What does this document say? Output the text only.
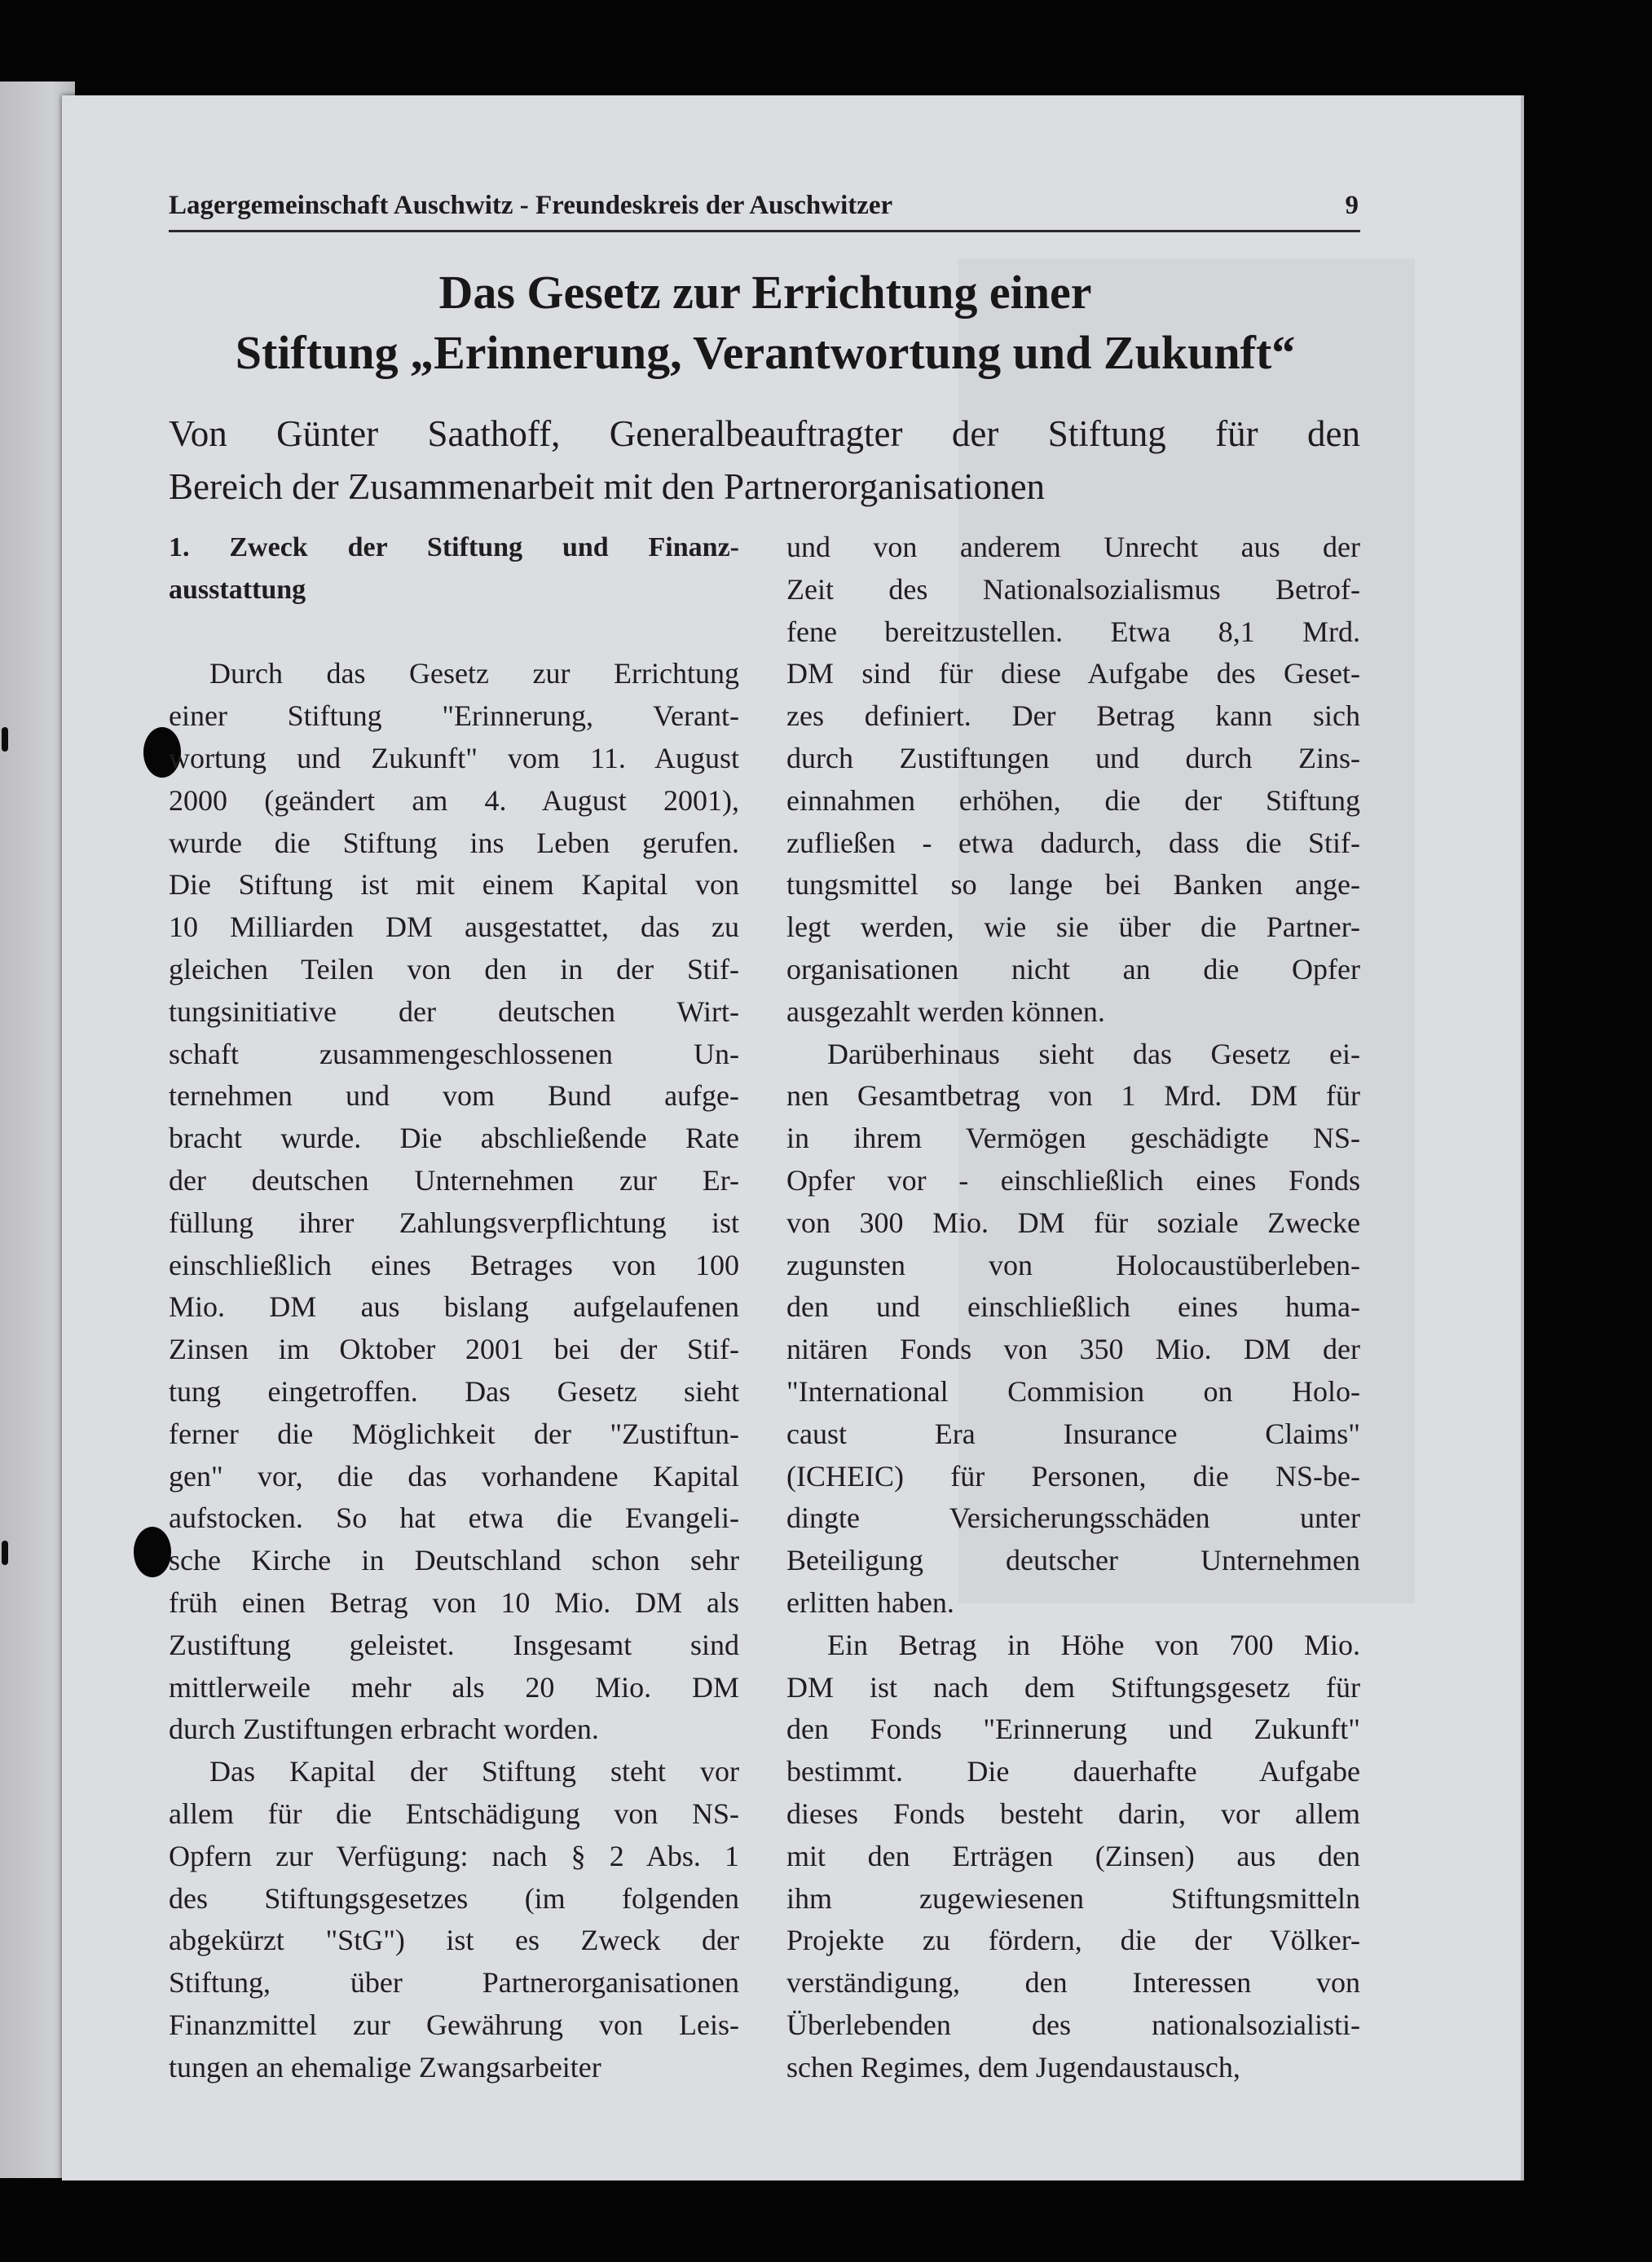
Lagergemeinschaft Auschwitz - Freundeskreis der Auschwitzer	9
Das Gesetz zur Errichtung einer
Stiftung „Erinnerung, Verantwortung und Zukunft“
Von Günter Saathoff, Generalbeauftragter der Stiftung für den
Bereich der Zusammenarbeit mit den Partnerorganisationen
1. Zweck der Stiftung und Finanz-
ausstattung
Durch das Gesetz zur Errichtung
einer Stiftung "Erinnerung, Verant-
wortung und Zukunft" vom 11. August
2000 (geändert am 4. August 2001),
wurde die Stiftung ins Leben gerufen.
Die Stiftung ist mit einem Kapital von
10 Milliarden DM ausgestattet, das zu
gleichen Teilen von den in der Stif-
tungsinitiative der deutschen Wirt-
schaft zusammengeschlossenen Un-
ternehmen und vom Bund aufge-
bracht wurde. Die abschließende Rate
der deutschen Unternehmen zur Er-
füllung ihrer Zahlungsverpflichtung ist
einschließlich eines Betrages von 100
Mio. DM aus bislang aufgelaufenen
Zinsen im Oktober 2001 bei der Stif-
tung eingetroffen. Das Gesetz sieht
ferner die Möglichkeit der "Zustiftun-
gen" vor, die das vorhandene Kapital
aufstocken. So hat etwa die Evangeli-
sche Kirche in Deutschland schon sehr
früh einen Betrag von 10 Mio. DM als
Zustiftung geleistet. Insgesamt sind
mittlerweile mehr als 20 Mio. DM
durch Zustiftungen erbracht worden.
Das Kapital der Stiftung steht vor
allem für die Entschädigung von NS-
Opfern zur Verfügung: nach § 2 Abs. 1
des Stiftungsgesetzes (im folgenden
abgekürzt "StG") ist es Zweck der
Stiftung, über Partnerorganisationen
Finanzmittel zur Gewährung von Leis-
tungen an ehemalige Zwangsarbeiter
und von anderem Unrecht aus der
Zeit des Nationalsozialismus Betrof-
fene bereitzustellen. Etwa 8,1 Mrd.
DM sind für diese Aufgabe des Geset-
zes definiert. Der Betrag kann sich
durch Zustiftungen und durch Zins-
einnahmen erhöhen, die der Stiftung
zufließen - etwa dadurch, dass die Stif-
tungsmittel so lange bei Banken ange-
legt werden, wie sie über die Partner-
organisationen nicht an die Opfer
ausgezahlt werden können.
Darüberhinaus sieht das Gesetz ei-
nen Gesamtbetrag von 1 Mrd. DM für
in ihrem Vermögen geschädigte NS-
Opfer vor - einschließlich eines Fonds
von 300 Mio. DM für soziale Zwecke
zugunsten von Holocaustüberleben-
den und einschließlich eines huma-
nitären Fonds von 350 Mio. DM der
"International Commision on Holo-
caust Era Insurance Claims"
(ICHEIC) für Personen, die NS-be-
dingte Versicherungsschäden unter
Beteiligung deutscher Unternehmen
erlitten haben.
Ein Betrag in Höhe von 700 Mio.
DM ist nach dem Stiftungsgesetz für
den Fonds "Erinnerung und Zukunft"
bestimmt. Die dauerhafte Aufgabe
dieses Fonds besteht darin, vor allem
mit den Erträgen (Zinsen) aus den
ihm zugewiesenen Stiftungsmitteln
Projekte zu fördern, die der Völker-
verständigung, den Interessen von
Überlebenden des nationalsozialisti-
schen Regimes, dem Jugendaustausch,
